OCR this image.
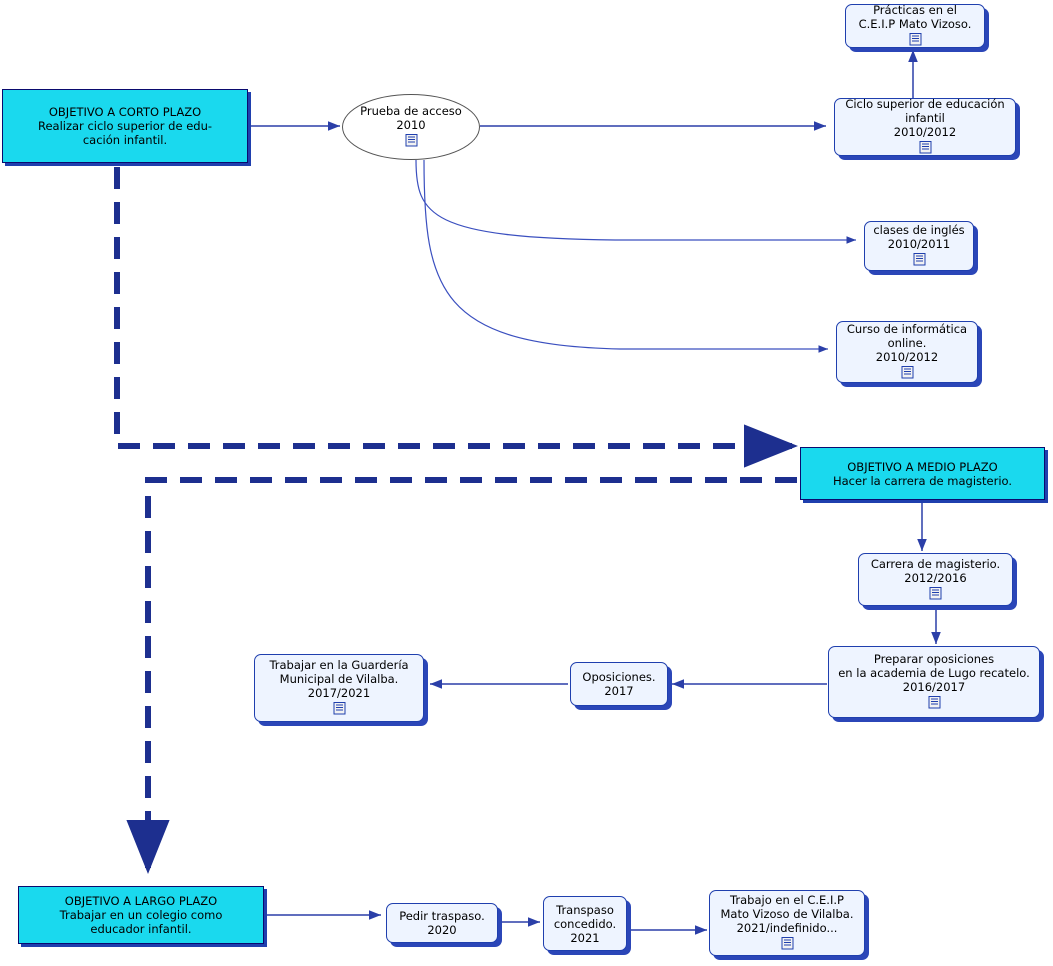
Prácticas en el
C.E.I.P Mato Vizoso.
OBJETIVO A CORTO PLAZO
Realizar ciclo superior de edu-
cación infantil.
Prueba de acceso
2010
Ciclo superior de educación
infantil
2010/2012
clases de inglés
2010/2011
Curso de informática
online.
2010/2012
OBJETIVO A MEDIO PLAZO
Hacer la carrera de magisterio.
Carrera de magisterio.
2012/2016
Preparar oposiciones
en la academia de Lugo recatelo.
2016/2017
Oposiciones.
2017
Trabajar en la Guardería
Municipal de Vilalba.
2017/2021
OBJETIVO A LARGO PLAZO
Trabajar en un colegio como
educador infantil.
Pedir traspaso.
2020
Transpaso
concedido.
2021
Trabajo en el C.E.I.P
Mato Vizoso de Vilalba.
2021/indefinido...
